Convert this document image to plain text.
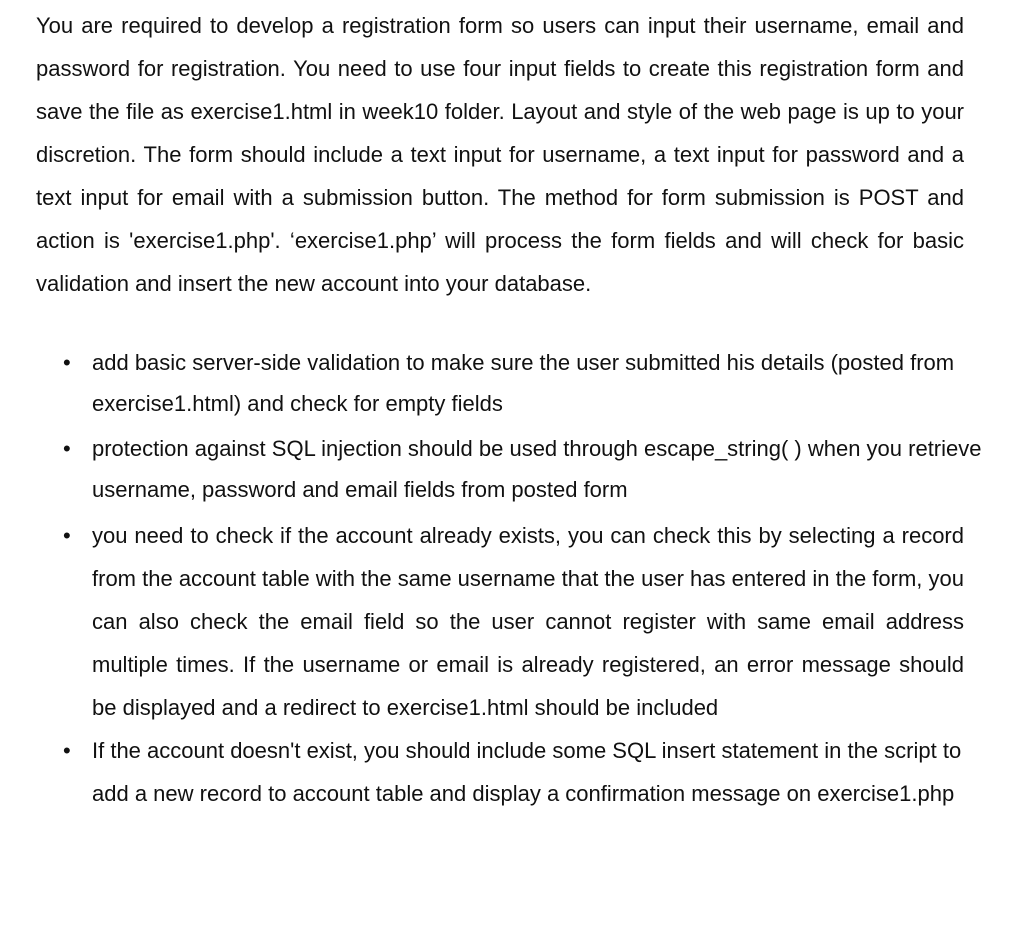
You are required to develop a registration form so users can input their username, email and password for registration. You need to use four input fields to create this registration form and save the file as exercise1.html in week10 folder. Layout and style of the web page is up to your discretion. The form should include a text input for username, a text input for password and a text input for email with a submission button. The method for form submission is POST and action is 'exercise1.php'. ‘exercise1.php’ will process the form fields and will check for basic validation and insert the new account into your database.

• add basic server-side validation to make sure the user submitted his details (posted from exercise1.html) and check for empty fields
• protection against SQL injection should be used through escape_string( ) when you retrieve username, password and email fields from posted form
• you need to check if the account already exists, you can check this by selecting a record from the account table with the same username that the user has entered in the form, you can also check the email field so the user cannot register with same email address multiple times. If the username or email is already registered, an error message should be displayed and a redirect to exercise1.html should be included
• If the account doesn't exist, you should include some SQL insert statement in the script to add a new record to account table and display a confirmation message on exercise1.php
